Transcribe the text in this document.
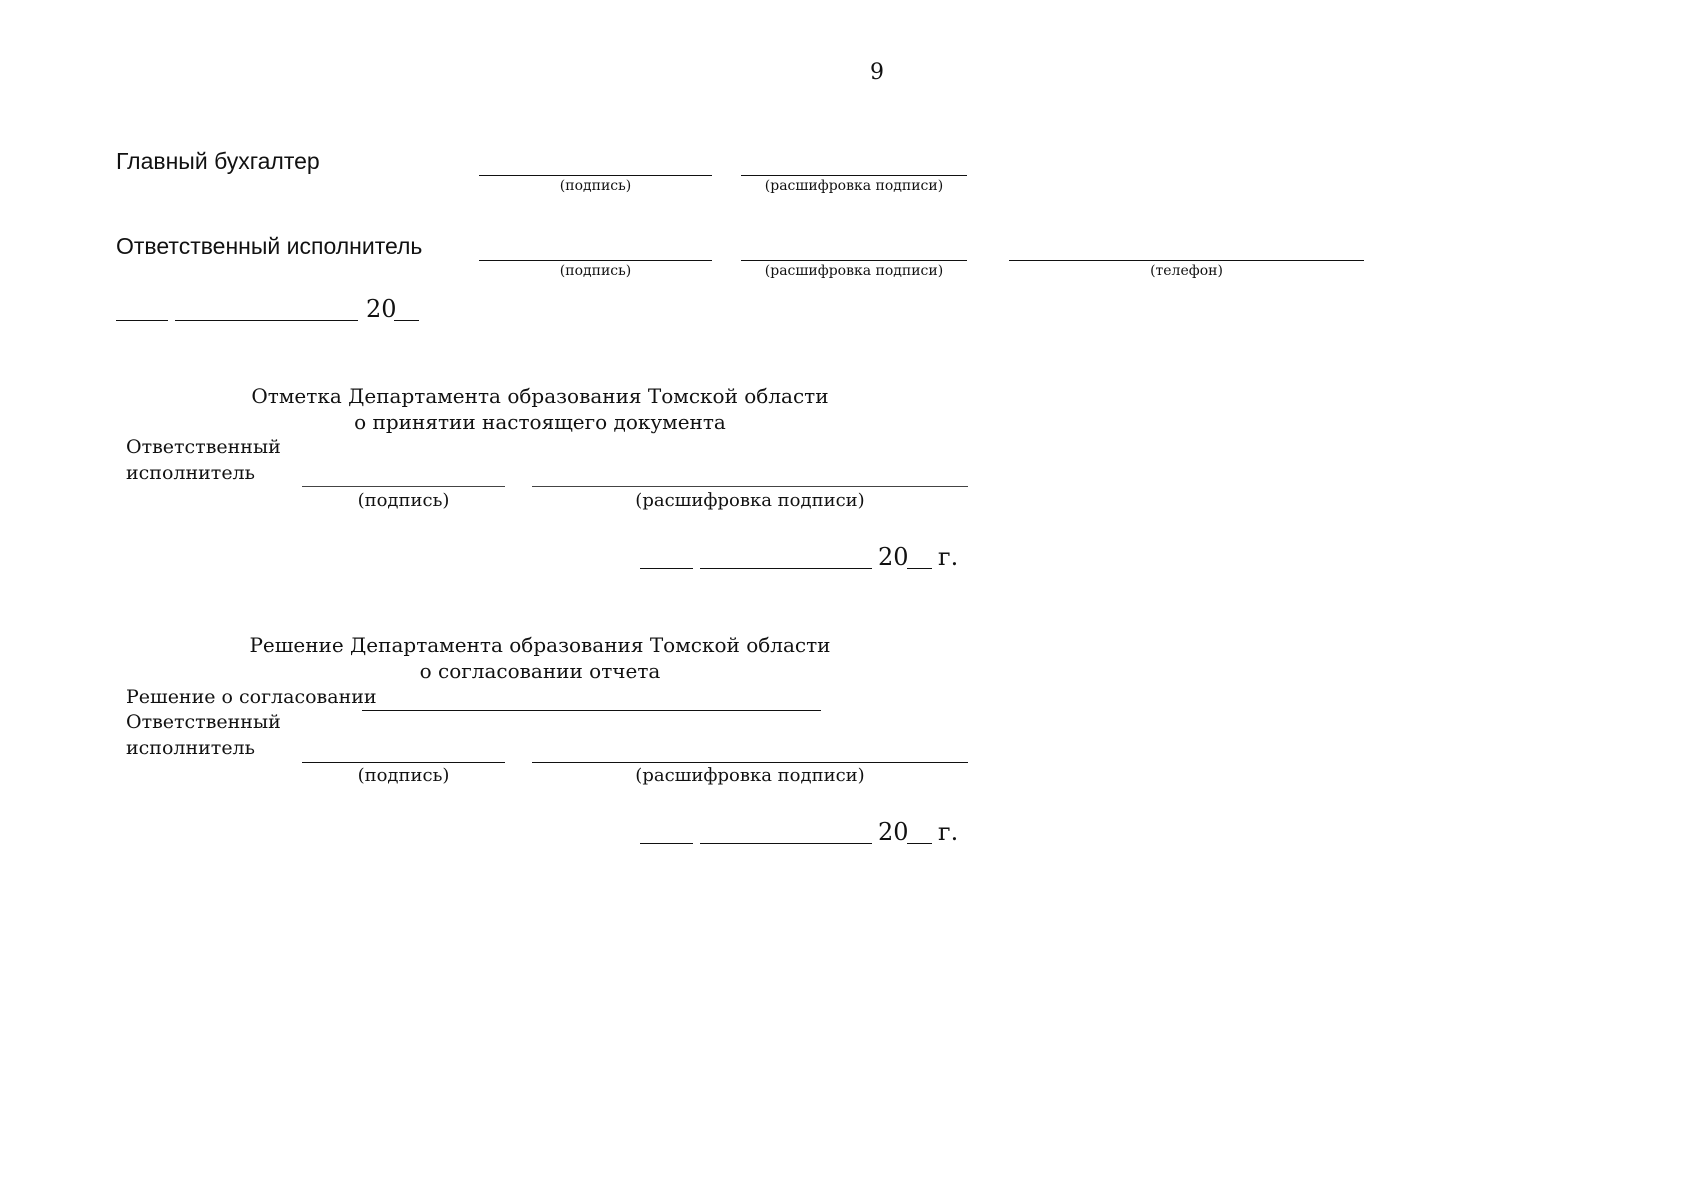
9
Главный бухгалтер
(подпись)	(расшифровка подписи)
Ответственный исполнитель
(подпись)	(расшифровка подписи)	(телефон)
20
Отметка Департамента образования Томской области
о принятии настоящего документа
Ответственный
исполнитель
(подпись)	(расшифровка подписи)
20 г.
Решение Департамента образования Томской области
о согласовании отчета
Решение о согласовании
Ответственный
исполнитель
(подпись)	(расшифровка подписи)
20 г.
